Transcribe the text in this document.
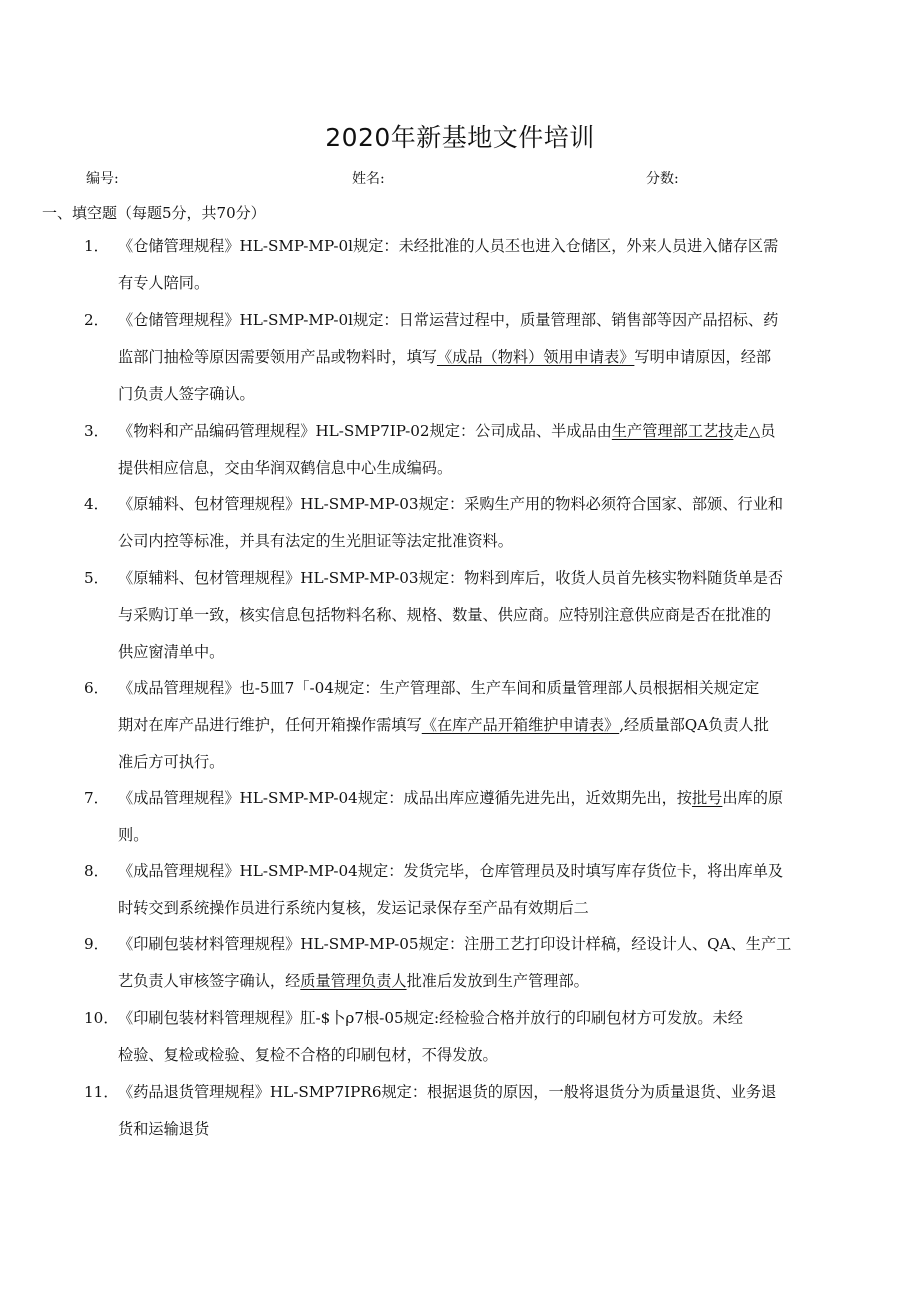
2020年新基地文件培训
编号:	姓名:	分数:
一、填空题（每题5分，共70分）
1． 《仓储管理规程》HL-SMP-MP-0l规定：未经批准的人员丕也进入仓储区，外来人员进入储存区需
有专人陪同。
2． 《仓储管理规程》HL-SMP-MP-0l规定：日常运营过程中，质量管理部、销售部等因产品招标、药
监部门抽检等原因需要领用产品或物料时，填写《成品（物料）领用申请表》写明申请原因，经部
门负责人签字确认。
3． 《物料和产品编码管理规程》HL-SMP7IP-02规定：公司成品、半成品由生产管理部工艺技走△员
提供相应信息，交由华润双鹤信息中心生成编码。
4． 《原辅料、包材管理规程》HL-SMP-MP-03规定：采购生产用的物料必须符合国家、部颁、行业和
公司内控等标准，并具有法定的生光胆证等法定批准资料。
5． 《原辅料、包材管理规程》HL-SMP-MP-03规定：物料到库后，收货人员首先核实物料随货单是否
与采购订单一致，核实信息包括物料名称、规格、数量、供应商。应特别注意供应商是否在批准的
供应窗清单中。
6． 《成品管理规程》也-5皿7「-04规定：生产管理部、生产车间和质量管理部人员根据相关规定定
期对在库产品进行维护，任何开箱操作需填写《在库产品开箱维护申请表》,经质量部QA负责人批
准后方可执行。
7． 《成品管理规程》HL-SMP-MP-04规定：成品出库应遵循先进先出，近效期先出，按批号出库的原
则。
8． 《成品管理规程》HL-SMP-MP-04规定：发货完毕，仓库管理员及时填写库存货位卡，将出库单及
时转交到系统操作员进行系统内复核，发运记录保存至产品有效期后二
9． 《印刷包装材料管理规程》HL-SMP-MP-05规定：注册工艺打印设计样稿，经设计人、QA、生产工
艺负责人审核签字确认，经质量管理负责人批准后发放到生产管理部。
10．《印刷包装材料管理规程》肛-$卜ρ7根-05规定:经检验合格并放行的印刷包材方可发放。未经
检验、复检或检验、复检不合格的印刷包材，不得发放。
11．《药品退货管理规程》HL-SMP7IPR6规定：根据退货的原因，一般将退货分为质量退货、业务退
货和运输退货
